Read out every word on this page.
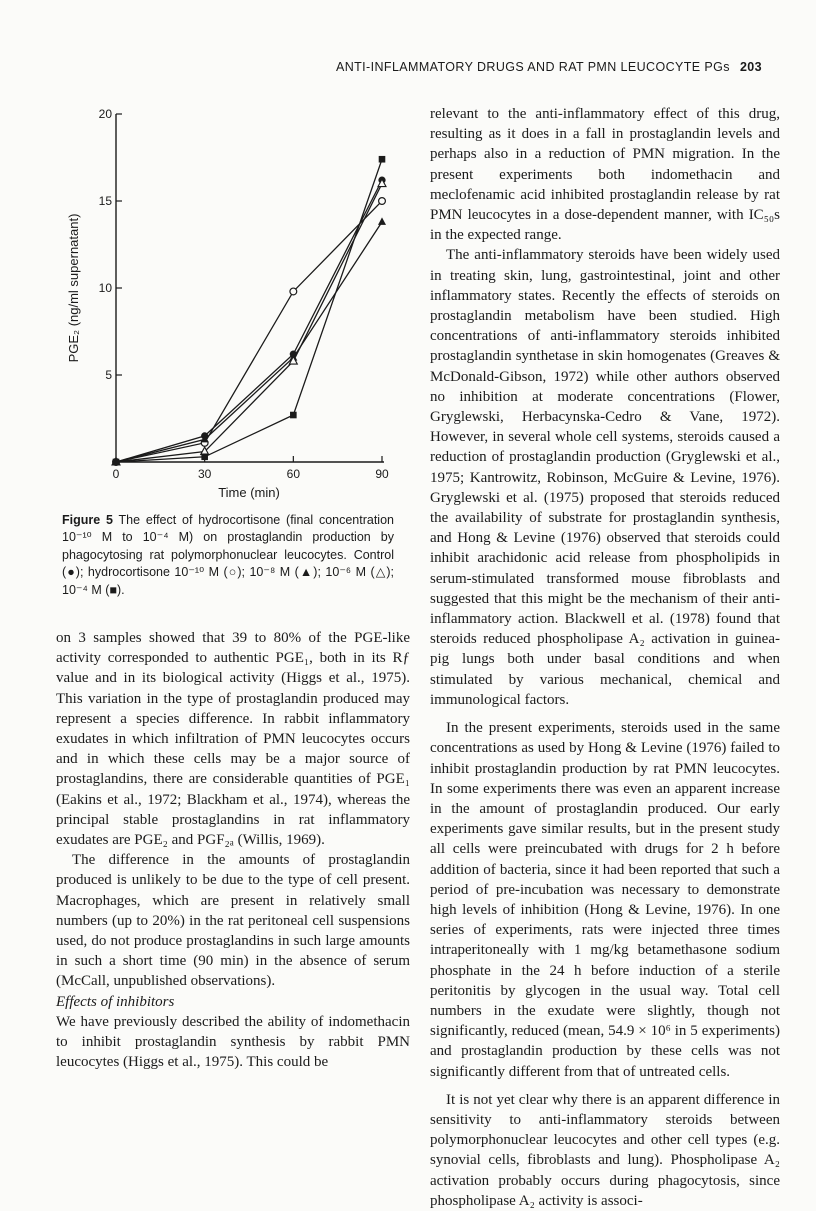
ANTI-INFLAMMATORY DRUGS AND RAT PMN LEUCOCYTE PGs 203
5
10
15
20
0	30	60	90
Time (min)
PGE₂ (ng/ml supernatant)
Figure 5 The effect of hydrocortisone (final concentration 10⁻¹⁰ M to 10⁻⁴ M) on prostaglandin production by phagocytosing rat polymorphonuclear leucocytes. Control (●); hydrocortisone 10⁻¹⁰ M (○); 10⁻⁸ M (▲); 10⁻⁶ M (△); 10⁻⁴ M (■).

on 3 samples showed that 39 to 80% of the PGE-like activity corresponded to authentic PGE₁, both in its Rƒ value and in its biological activity (Higgs et al., 1975). This variation in the type of prostaglandin produced may represent a species difference. In rabbit inflammatory exudates in which infiltration of PMN leucocytes occurs and in which these cells may be a major source of prostaglandins, there are considerable quantities of PGE₁ (Eakins et al., 1972; Blackham et al., 1974), whereas the principal stable prostaglandins in rat inflammatory exudates are PGE₂ and PGF₂ₐ (Willis, 1969).

The difference in the amounts of prostaglandin produced is unlikely to be due to the type of cell present. Macrophages, which are present in relatively small numbers (up to 20%) in the rat peritoneal cell suspensions used, do not produce prostaglandins in such large amounts in such a short time (90 min) in the absence of serum (McCall, unpublished observations).

Effects of inhibitors

We have previously described the ability of indomethacin to inhibit prostaglandin synthesis by rabbit PMN leucocytes (Higgs et al., 1975). This could be

relevant to the anti-inflammatory effect of this drug, resulting as it does in a fall in prostaglandin levels and perhaps also in a reduction of PMN migration. In the present experiments both indomethacin and meclofenamic acid inhibited prostaglandin release by rat PMN leucocytes in a dose-dependent manner, with IC₅₀s in the expected range.

The anti-inflammatory steroids have been widely used in treating skin, lung, gastrointestinal, joint and other inflammatory states. Recently the effects of steroids on prostaglandin metabolism have been studied. High concentrations of anti-inflammatory steroids inhibited prostaglandin synthetase in skin homogenates (Greaves & McDonald-Gibson, 1972) while other authors observed no inhibition at moderate concentrations (Flower, Gryglewski, Herbacynska-Cedro & Vane, 1972). However, in several whole cell systems, steroids caused a reduction of prostaglandin production (Gryglewski et al., 1975; Kantrowitz, Robinson, McGuire & Levine, 1976). Gryglewski et al. (1975) proposed that steroids reduced the availability of substrate for prostaglandin synthesis, and Hong & Levine (1976) observed that steroids could inhibit arachidonic acid release from phospholipids in serum-stimulated transformed mouse fibroblasts and suggested that this might be the mechanism of their anti-inflammatory action. Blackwell et al. (1978) found that steroids reduced phospholipase A₂ activation in guinea-pig lungs both under basal conditions and when stimulated by various mechanical, chemical and immunological factors.

In the present experiments, steroids used in the same concentrations as used by Hong & Levine (1976) failed to inhibit prostaglandin production by rat PMN leucocytes. In some experiments there was even an apparent increase in the amount of prostaglandin produced. Our early experiments gave similar results, but in the present study all cells were preincubated with drugs for 2 h before addition of bacteria, since it had been reported that such a period of pre-incubation was necessary to demonstrate high levels of inhibition (Hong & Levine, 1976). In one series of experiments, rats were injected three times intraperitoneally with 1 mg/kg betamethasone sodium phosphate in the 24 h before induction of a sterile peritonitis by glycogen in the usual way. Total cell numbers in the exudate were slightly, though not significantly, reduced (mean, 54.9 × 10⁶ in 5 experiments) and prostaglandin production by these cells was not significantly different from that of untreated cells.

It is not yet clear why there is an apparent difference in sensitivity to anti-inflammatory steroids between polymorphonuclear leucocytes and other cell types (e.g. synovial cells, fibroblasts and lung). Phospholipase A₂ activation probably occurs during phagocytosis, since phospholipase A₂ activity is associ-
